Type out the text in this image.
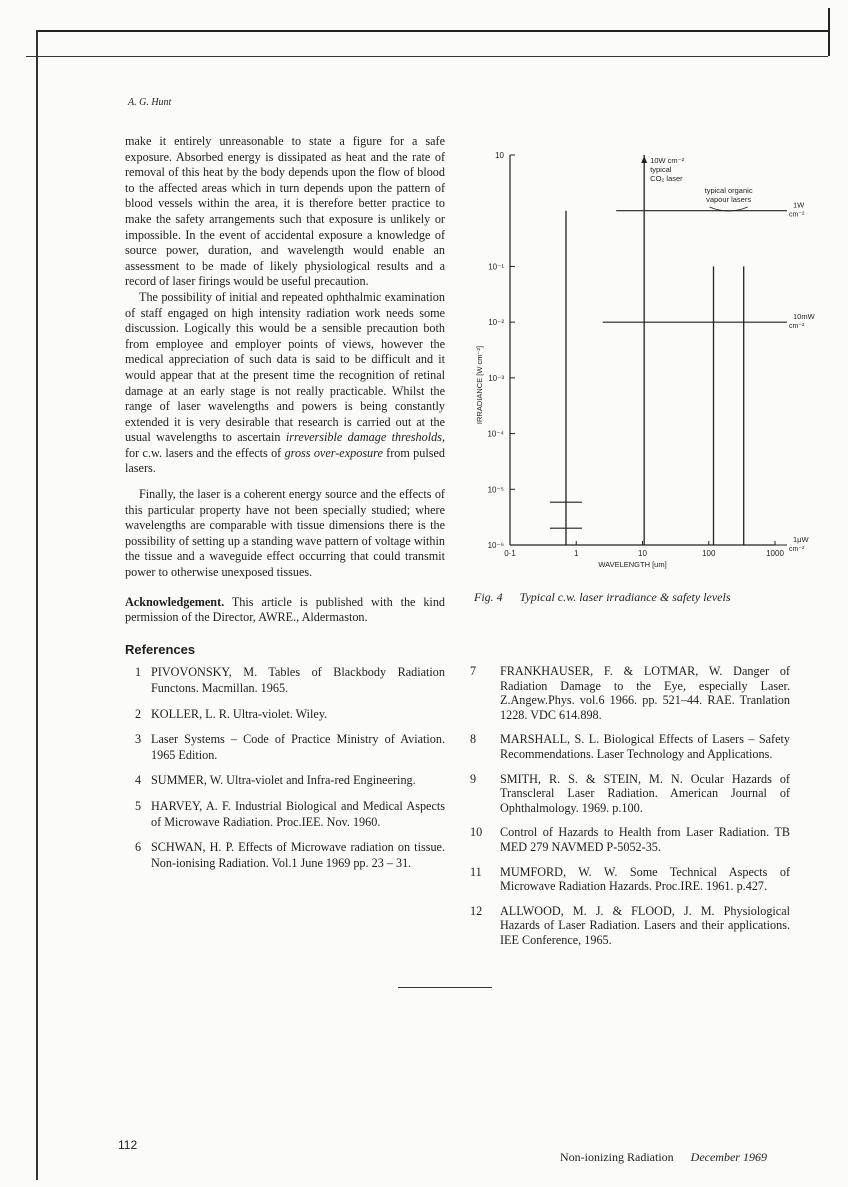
A. G. Hunt

make it entirely unreasonable to state a figure for a safe exposure. Absorbed energy is dissipated as heat and the rate of removal of this heat by the body depends upon the flow of blood to the affected areas which in turn depends upon the pattern of blood vessels within the area, it is therefore better practice to make the safety arrangements such that exposure is unlikely or impossible. In the event of accidental exposure a knowledge of source power, duration, and wavelength would enable an assessment to be made of likely physiological results and a record of laser firings would be useful precaution.

The possibility of initial and repeated ophthalmic examination of staff engaged on high intensity radiation work needs some discussion. Logically this would be a sensible precaution both from employee and employer points of views, however the medical appreciation of such data is said to be difficult and it would appear that at the present time the recognition of retinal damage at an early stage is not really practicable. Whilst the range of laser wavelengths and powers is being constantly extended it is very desirable that research is carried out at the usual wavelengths to ascertain irreversible damage thresholds, for c.w. lasers and the effects of gross over-exposure from pulsed lasers.

Finally, the laser is a coherent energy source and the effects of this particular property have not been specially studied; where wavelengths are comparable with tissue dimensions there is the possibility of setting up a standing wave pattern of voltage within the tissue and a waveguide effect occurring that could transmit power to otherwise unexposed tissues.

Acknowledgement. This article is published with the kind permission of the Director, AWRE., Aldermaston.

References
1 PIVOVONSKY, M. Tables of Blackbody Radiation Functons. Macmillan. 1965.
2 KOLLER, L. R. Ultra-violet. Wiley.
3 Laser Systems – Code of Practice Ministry of Aviation. 1965 Edition.
4 SUMMER, W. Ultra-violet and Infra-red Engineering.
5 HARVEY, A. F. Industrial Biological and Medical Aspects of Microwave Radiation. Proc.IEE. Nov. 1960.
6 SCHWAN, H. P. Effects of Microwave radiation on tissue. Non-ionising Radiation. Vol.1 June 1969 pp. 23 – 31.
10
10⁻¹
10⁻²
10⁻³
10⁻⁴
10⁻⁵
10⁻⁶
0·1	1	10	100	1000
WAVELENGTH [um]
IRRADIANCE [W cm⁻²]
1W
cm⁻²
10mW
cm⁻²
1μW
cm⁻²
10W cm⁻²
typical
CO₂ laser
typical organic
vapour lasers
Fig. 4 Typical c.w. laser irradiance & safety levels
7	FRANKHAUSER, F. & LOTMAR, W. Danger of Radiation Damage to the Eye, especially Laser. Z.Angew.Phys. vol.6 1966. pp. 521–44. RAE. Tranlation 1228. VDC 614.898.
8	MARSHALL, S. L. Biological Effects of Lasers – Safety Recommendations. Laser Technology and Applications.
9	SMITH, R. S. & STEIN, M. N. Ocular Hazards of Transcleral Laser Radiation. American Journal of Ophthalmology. 1969. p.100.
10	Control of Hazards to Health from Laser Radiation. TB MED 279 NAVMED P-5052-35.
11	MUMFORD, W. W. Some Technical Aspects of Microwave Radiation Hazards. Proc.IRE. 1961. p.427.
12	ALLWOOD, M. J. & FLOOD, J. M. Physiological Hazards of Laser Radiation. Lasers and their applications. IEE Conference, 1965.
112
Non-ionizing Radiation December 1969
